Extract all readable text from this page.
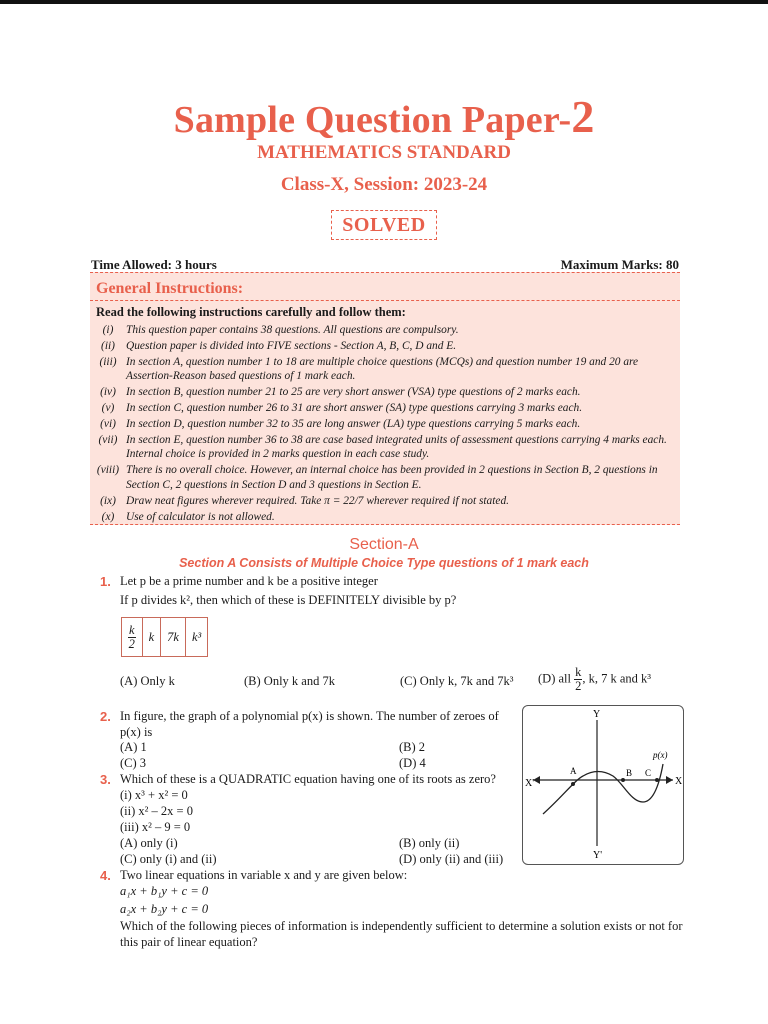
Sample Question Paper-2
MATHEMATICS STANDARD
Class-X, Session: 2023-24
SOLVED
Time Allowed: 3 hours	Maximum Marks: 80
General Instructions:
Read the following instructions carefully and follow them:
(i)	This question paper contains 38 questions. All questions are compulsory.
(ii) Question paper is divided into FIVE sections - Section A, B, C, D and E.
(iii) In section A, question number 1 to 18 are multiple choice questions (MCQs) and question number 19 and 20 are Assertion-Reason based questions of 1 mark each.
(iv) In section B, question number 21 to 25 are very short answer (VSA) type questions of 2 marks each.
(v)	In section C, question number 26 to 31 are short answer (SA) type questions carrying 3 marks each.
(vi) In section D, question number 32 to 35 are long answer (LA) type questions carrying 5 marks each.
(vii) In section E, question number 36 to 38 are case based integrated units of assessment questions carrying 4 marks each. Internal choice is provided in 2 marks question in each case study.
(viii) There is no overall choice. However, an internal choice has been provided in 2 questions in Section B, 2 questions in Section C, 2 questions in Section D and 3 questions in Section E.
(ix) Draw neat figures wherever required. Take π = 22/7 wherever required if not stated.
(x)	Use of calculator is not allowed.
Section-A
Section A Consists of Multiple Choice Type questions of 1 mark each
1. Let p be a prime number and k be a positive integer
If p divides k², then which of these is DEFINITELY divisible by p?
$\frac{k}{2}$	k	7k	k³
(A) Only k	(B) Only k and 7k	(C) Only k, 7k and 7k³ (D) all $\frac{k}{2}$ , k, 7 k and k³
2. In figure, the graph of a polynomial p(x) is shown. The number of zeroes of
p(x) is
(A) 1	(B) 2
(C) 3	(D) 4
3. Which of these is a QUADRATIC equation having one of its roots as zero?
(i) x³ + x² = 0
(ii) x² – 2x = 0
(iii) x² – 9 = 0
(A) only (i)	(B) only (ii)
(C) only (i) and (ii)	(D) only (ii) and (iii)
Y
Y'
X
X'
A	B C
p(x)
4. Two linear equations in variable x and y are given below:
a₁x + b₁y + c = 0
a₂x + b₂y + c = 0
Which of the following pieces of information is independently sufficient to determine a solution exists or not for
this pair of linear equation?
